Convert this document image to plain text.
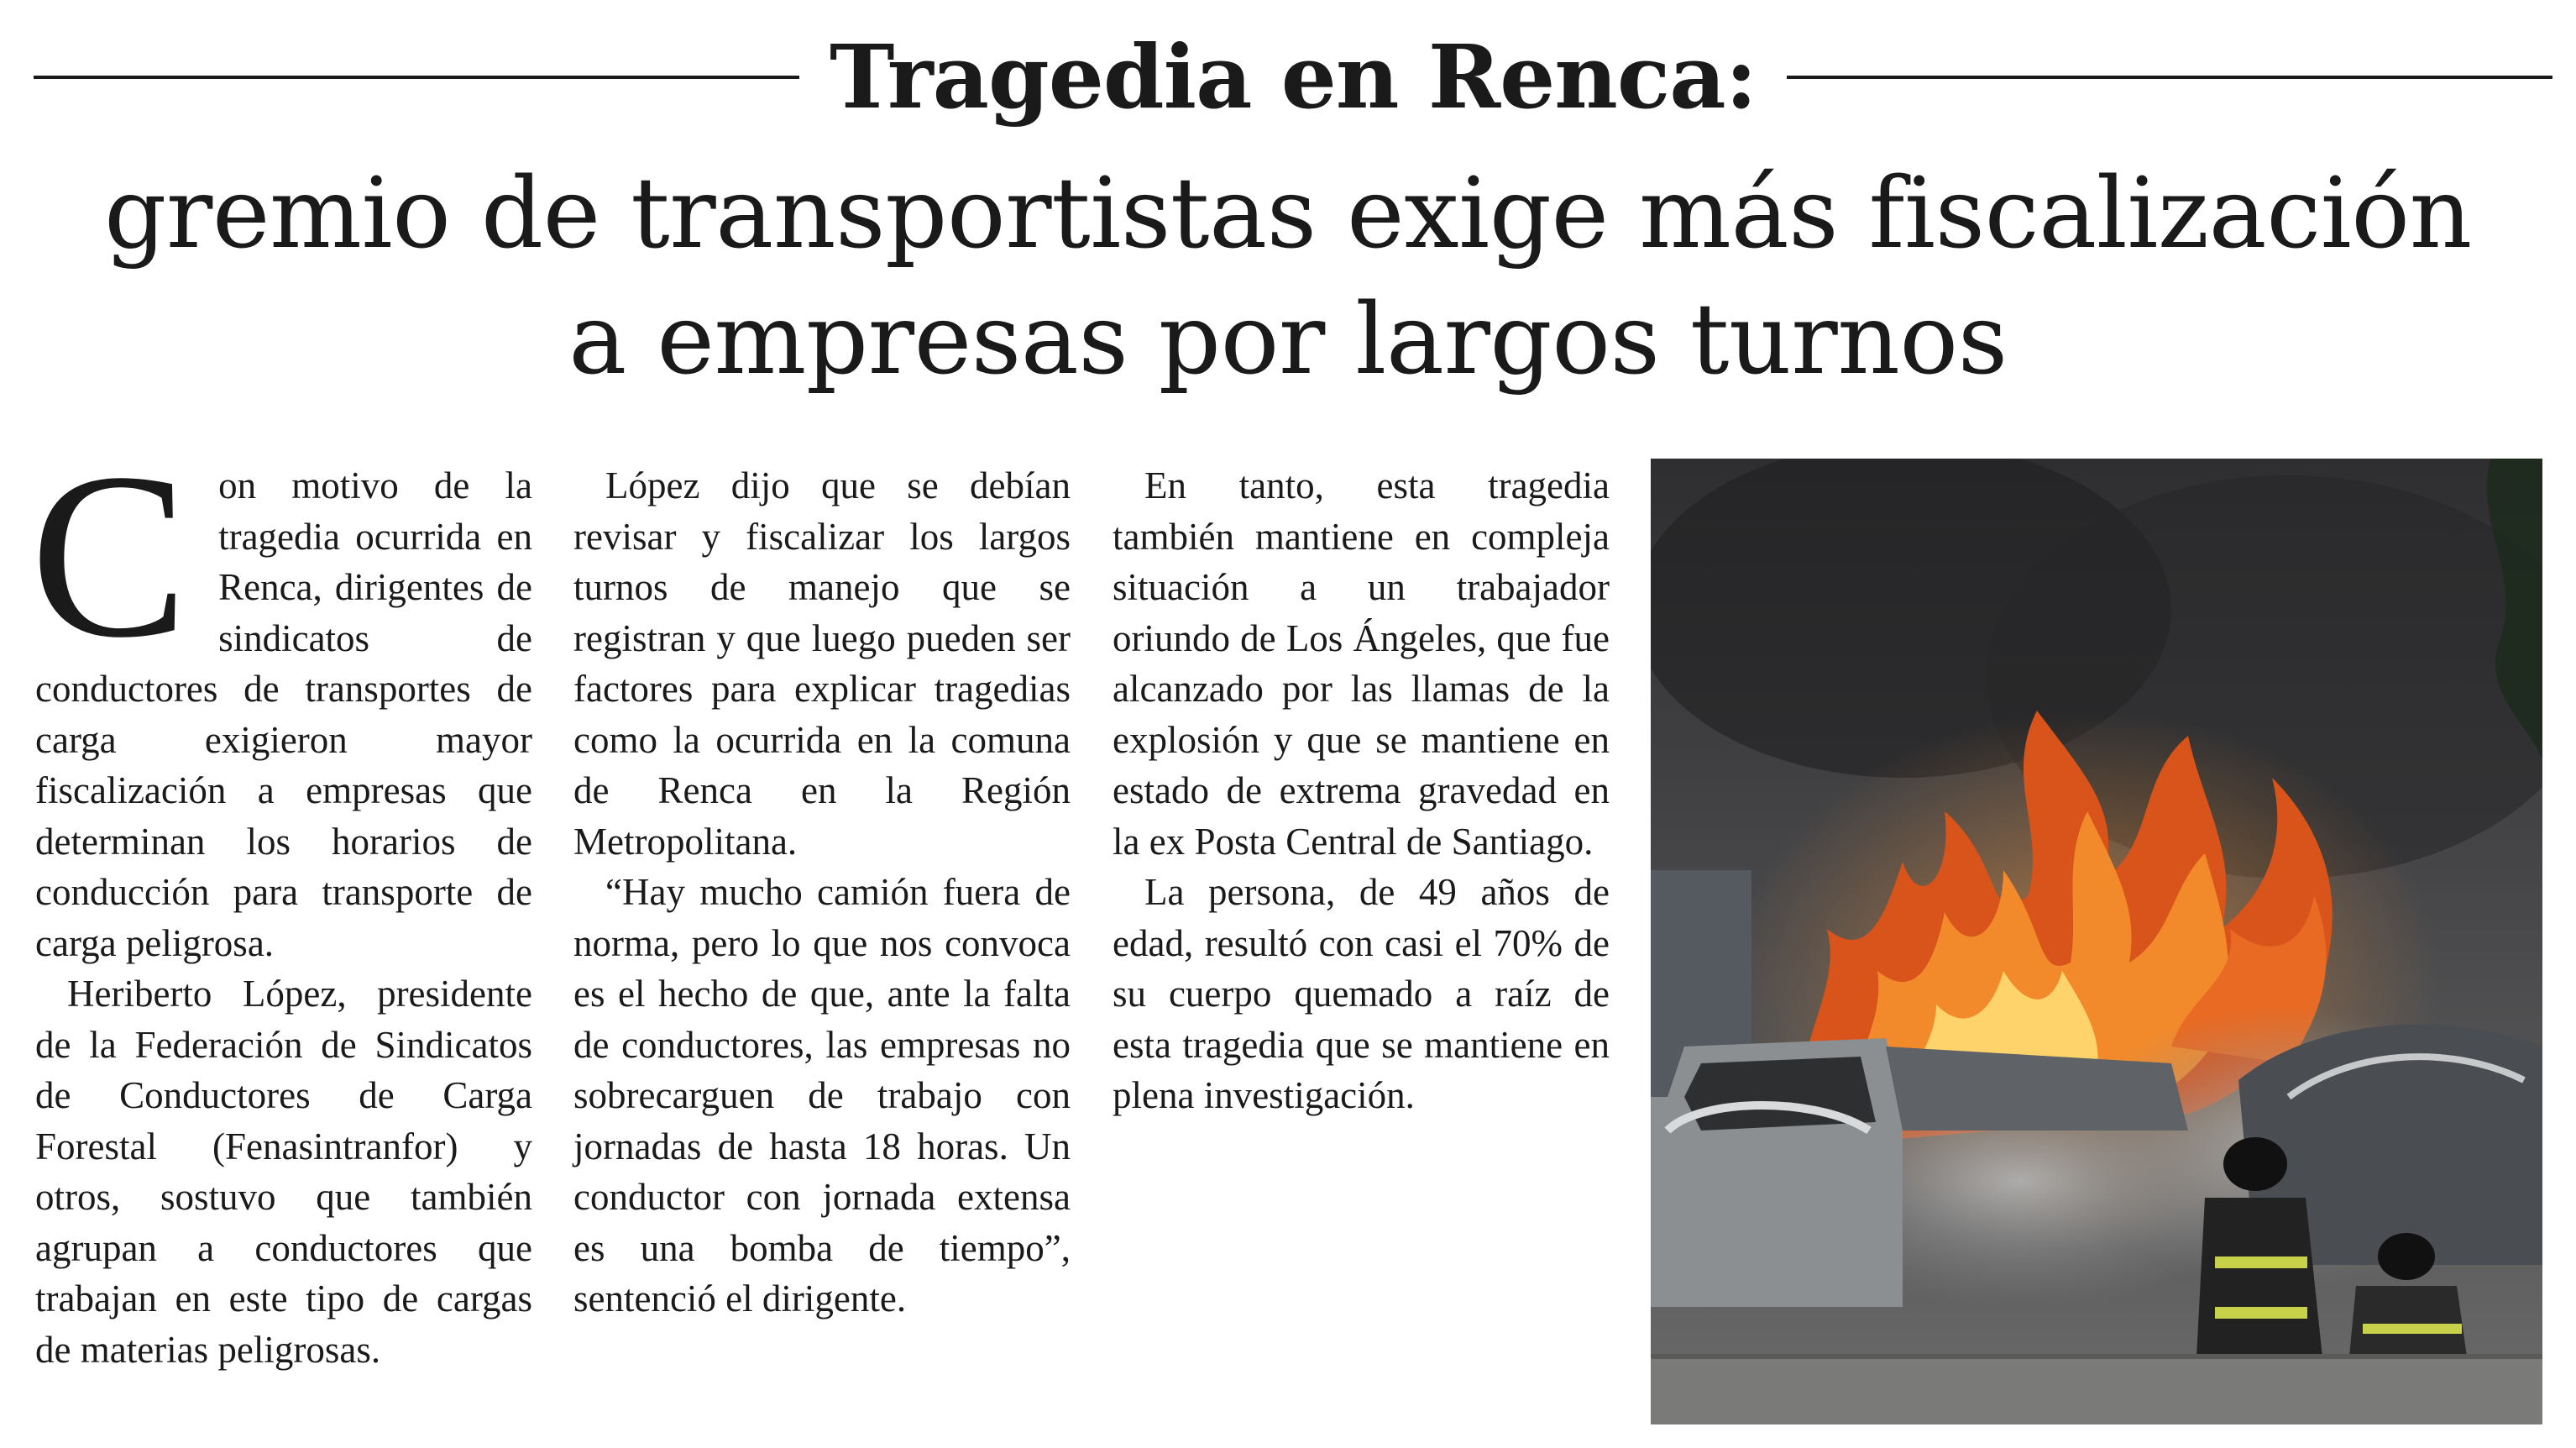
Tragedia en Renca:
gremio de transportistas exige más fiscalización
a empresas por largos turnos

Con motivo de la tragedia ocurrida en Renca, dirigentes de sindicatos de conductores de transportes de carga exigieron mayor fiscalización a empresas que determinan los horarios de conducción para transporte de carga peligrosa.

Heriberto López, presidente de la Federación de Sindicatos de Conductores de Carga Forestal (Fenasintranfor) y otros, sostuvo que también agrupan a conductores que trabajan en este tipo de cargas de materias peligrosas.

López dijo que se debían revisar y fiscalizar los largos turnos de manejo que se registran y que luego pueden ser factores para explicar tragedias como la ocurrida en la comuna de Renca en la Región Metropolitana.

“Hay mucho camión fuera de norma, pero lo que nos convoca es el hecho de que, ante la falta de conductores, las empresas no sobrecarguen de trabajo con jornadas de hasta 18 horas. Un conductor con jornada extensa es una bomba de tiempo”, sentenció el dirigente.

En tanto, esta tragedia también mantiene en compleja situación a un trabajador oriundo de Los Ángeles, que fue alcanzado por las llamas de la explosión y que se mantiene en estado de extrema gravedad en la ex Posta Central de Santiago.

La persona, de 49 años de edad, resultó con casi el 70% de su cuerpo quemado a raíz de esta tragedia que se mantiene en plena investigación.
